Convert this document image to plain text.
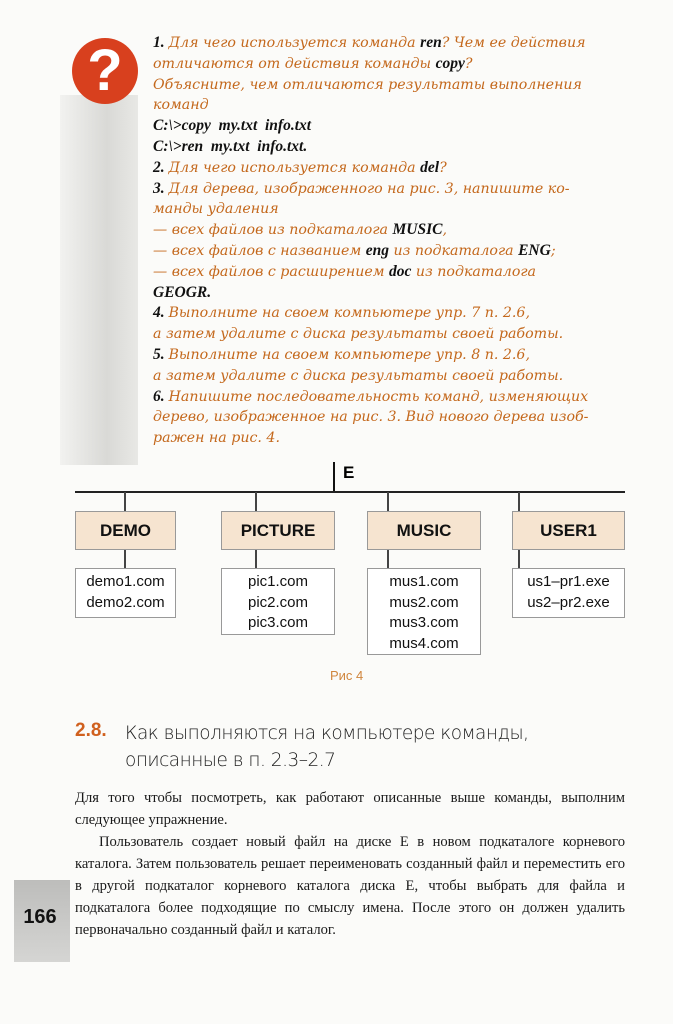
?	1. Для чего используется команда ren? Чем ее действия
отличаются от действия команды copy?
Объясните, чем отличаются результаты выполнения
команд
C:\>copy  my.txt  info.txt
C:\>ren  my.txt  info.txt.
2. Для чего используется команда del?
3. Для дерева, изображенного на рис. 3, напишите ко-
манды удаления
— всех файлов из подкаталога MUSIC,
— всех файлов с названием eng из подкаталога ENG;
— всех файлов с расширением doc из подкаталога
GEOGR.
4. Выполните на своем компьютере упр. 7 п. 2.6,
а затем удалите с диска результаты своей работы.
5. Выполните на своем компьютере упр. 8 п. 2.6,
а затем удалите с диска результаты своей работы.
6. Напишите последовательность команд, изменяющих
дерево, изображенное на рис. 3. Вид нового дерева изоб-
ражен на рис. 4.
E
DEMO	PICTURE	MUSIC	USER1
demo1.com
demo2.com
pic1.com
pic2.com
pic3.com
mus1.com
mus2.com
mus3.com
mus4.com
us1–pr1.exe
us2–pr2.exe
Рис 4
2.8. Как выполняются на компьютере команды, описанные в п. 2.3–2.7

Для того чтобы посмотреть, как работают описанные выше команды, выполним следующее упражнение.

Пользователь создает новый файл на диске E в новом подкаталоге корневого каталога. Затем пользователь решает переименовать созданный файл и переместить его в другой подкаталог корневого каталога диска E, чтобы выбрать для файла и подкаталога более подходящие по смыслу имена. После этого он должен удалить первоначально созданный файл и каталог.

166
